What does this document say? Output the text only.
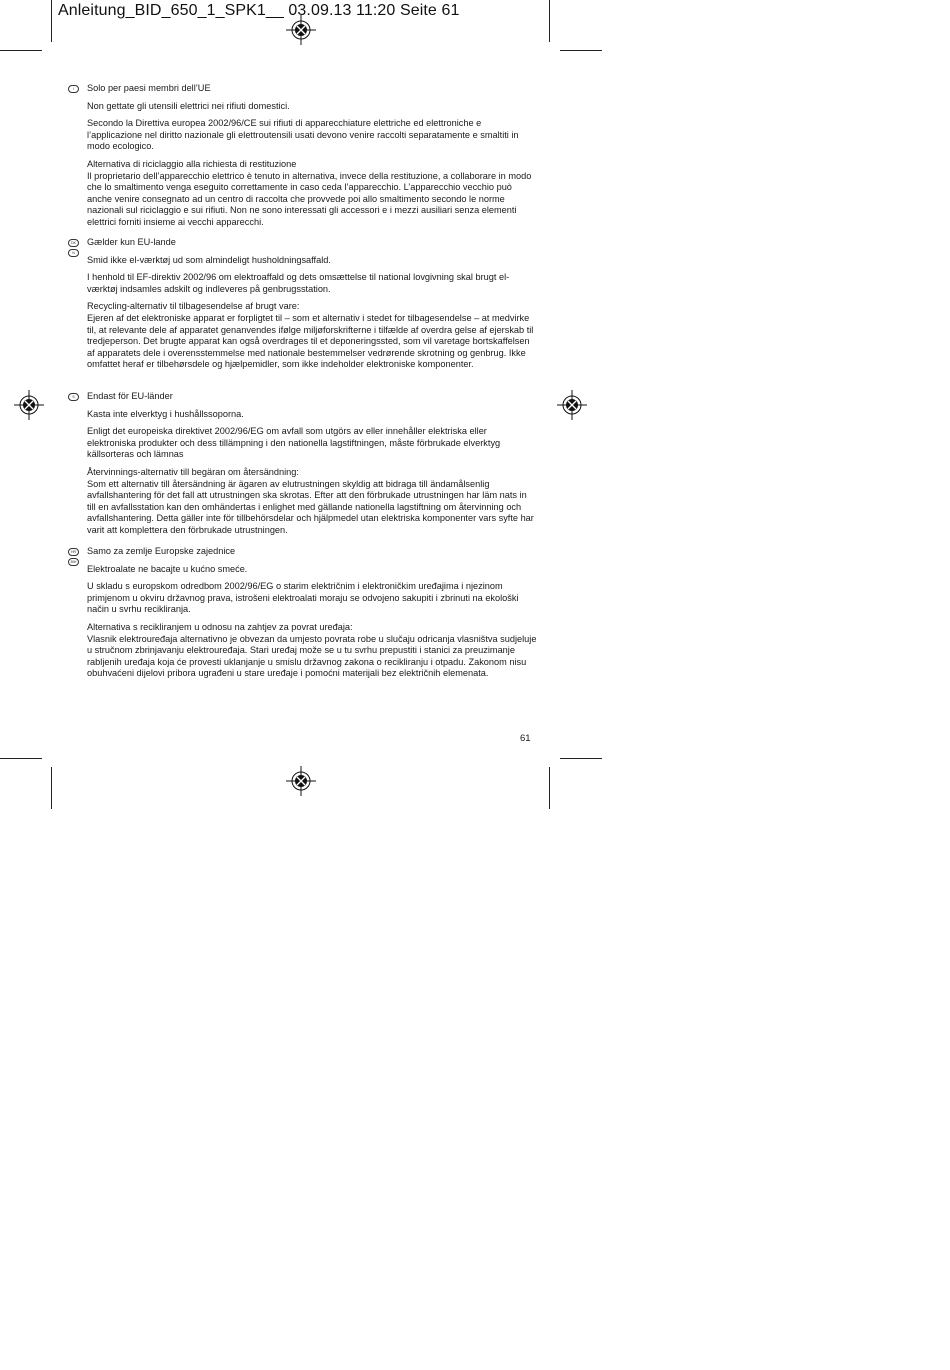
Anleitung_BID_650_1_SPK1__ 03.09.13 11:20 Seite 61
I	Solo per paesi membri dell’UE

Non gettate gli utensili elettrici nei rifiuti domestici.

Secondo la Direttiva europea 2002/96/CE sui rifiuti di apparecchiature elettriche ed elettroniche e l’applicazione nel diritto nazionale gli elettroutensili usati devono venire raccolti separatamente e smaltiti in modo ecologico.

Alternativa di riciclaggio alla richiesta di restituzione

Il proprietario dell’apparecchio elettrico è tenuto in alternativa, invece della restituzione, a collaborare in modo che lo smaltimento venga eseguito correttamente in caso ceda l’apparecchio. L’apparecchio vecchio può anche venire consegnato ad un centro di raccolta che provvede poi allo smaltimento secondo le norme nazionali sul riciclaggio e sui rifiuti. Non ne sono interessati gli accessori e i mezzi ausiliari senza elementi elettrici forniti insieme ai vecchi apparecchi.

DK
N

Gælder kun EU-lande

Smid ikke el-værktøj ud som almindeligt husholdningsaffald.

I henhold til EF-direktiv 2002/96 om elektroaffald og dets omsættelse til national lovgivning skal brugt el-værktøj indsamles adskilt og indleveres på genbrugsstation.

Recycling-alternativ til tilbagesendelse af brugt vare:

Ejeren af det elektroniske apparat er forpligtet til – som et alternativ i stedet for tilbagesendelse – at medvirke til, at relevante dele af apparatet genanvendes ifølge miljøforskrifterne i tilfælde af overdra gelse af ejerskab til tredjeperson. Det brugte apparat kan også overdrages til et deponeringssted, som vil varetage bortskaffelsen af apparatets dele i overensstemmelse med nationale bestemmelser vedrørende skrotning og genbrug. Ikke omfattet heraf er tilbehørsdele og hjælpemidler, som ikke indeholder elektroniske komponenter.

S	Endast för EU-länder

Kasta inte elverktyg i hushållssoporna.

Enligt det europeiska direktivet 2002/96/EG om avfall som utgörs av eller innehåller elektriska eller elektroniska produkter och dess tillämpning i den nationella lagstiftningen, måste förbrukade elverktyg källsorteras och lämnas

Återvinnings-alternativ till begäran om återsändning:

Som ett alternativ till återsändning är ägaren av elutrustningen skyldig att bidraga till ändamålsenlig avfallshantering för det fall att utrustningen ska skrotas. Efter att den förbrukade utrustningen har läm nats in till en avfallsstation kan den omhändertas i enlighet med gällande nationella lagstiftning om återvinning och avfallshantering. Detta gäller inte för tillbehörsdelar och hjälpmedel utan elektriska komponenter vars syfte har varit att komplettera den förbrukade utrustningen.

HR
BIH

Samo za zemlje Europske zajednice

Elektroalate ne bacajte u kućno smeće.

U skladu s europskom odredbom 2002/96/EG o starim električnim i elektroničkim uređajima i njezinom primjenom u okviru državnog prava, istrošeni elektroalati moraju se odvojeno sakupiti i zbrinuti na ekološki način u svrhu recikliranja.

Alternativa s recikliranjem u odnosu na zahtjev za povrat uređaja:

Vlasnik elektrouređaja alternativno je obvezan da umjesto povrata robe u slučaju odricanja vlasništva sudjeluje u stručnom zbrinjavanju elektrouređaja. Stari uređaj može se u tu svrhu prepustiti i stanici za preuzimanje rabljenih uređaja koja će provesti uklanjanje u smislu državnog zakona o recikliranju i otpadu. Zakonom nisu obuhvaćeni dijelovi pribora ugrađeni u stare uređaje i pomoćni materijali bez električnih elemenata.

61
